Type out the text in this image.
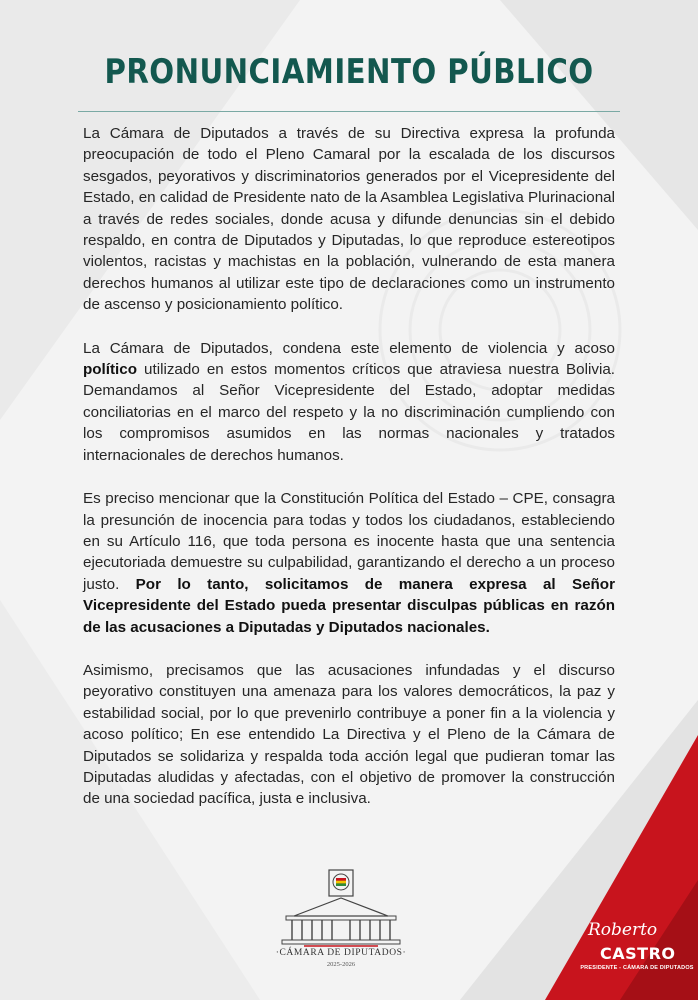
PRONUNCIAMIENTO PÚBLICO

La Cámara de Diputados a través de su Directiva expresa la profunda preocupación de todo el Pleno Camaral por la escalada de los discursos sesgados, peyorativos y discriminatorios generados por el Vicepresidente del Estado, en calidad de Presidente nato de la Asamblea Legislativa Plurinacional a través de redes sociales, donde acusa y difunde denuncias sin el debido respaldo, en contra de Diputados y Diputadas, lo que reproduce estereotipos violentos, racistas y machistas en la población, vulnerando de esta manera derechos humanos al utilizar este tipo de declaraciones como un instrumento de ascenso y posicionamiento político.

La Cámara de Diputados, condena este elemento de violencia y acoso político utilizado en estos momentos críticos que atraviesa nuestra Bolivia. Demandamos al Señor Vicepresidente del Estado, adoptar medidas conciliatorias en el marco del respeto y la no discriminación cumpliendo con los compromisos asumidos en las normas nacionales y tratados internacionales de derechos humanos.

Es preciso mencionar que la Constitución Política del Estado – CPE, consagra la presunción de inocencia para todas y todos los ciudadanos, estableciendo en su Artículo 116, que toda persona es inocente hasta que una sentencia ejecutoriada demuestre su culpabilidad, garantizando el derecho a un proceso justo. Por lo tanto, solicitamos de manera expresa al Señor Vicepresidente del Estado pueda presentar disculpas públicas en razón de las acusaciones a Diputadas y Diputados nacionales.

Asimismo, precisamos que las acusaciones infundadas y el discurso peyorativo constituyen una amenaza para los valores democráticos, la paz y estabilidad social, por lo que prevenirlo contribuye a poner fin a la violencia y acoso político; En ese entendido La Directiva y el Pleno de la Cámara de Diputados se solidariza y respalda toda acción legal que pudieran tomar las Diputadas aludidas y afectadas, con el objetivo de promover la construcción de una sociedad pacífica, justa e inclusiva.

·CÁMARA DE DIPUTADOS·
2025-2026
Roberto
CASTRO
PRESIDENTE - CÁMARA DE DIPUTADOS
